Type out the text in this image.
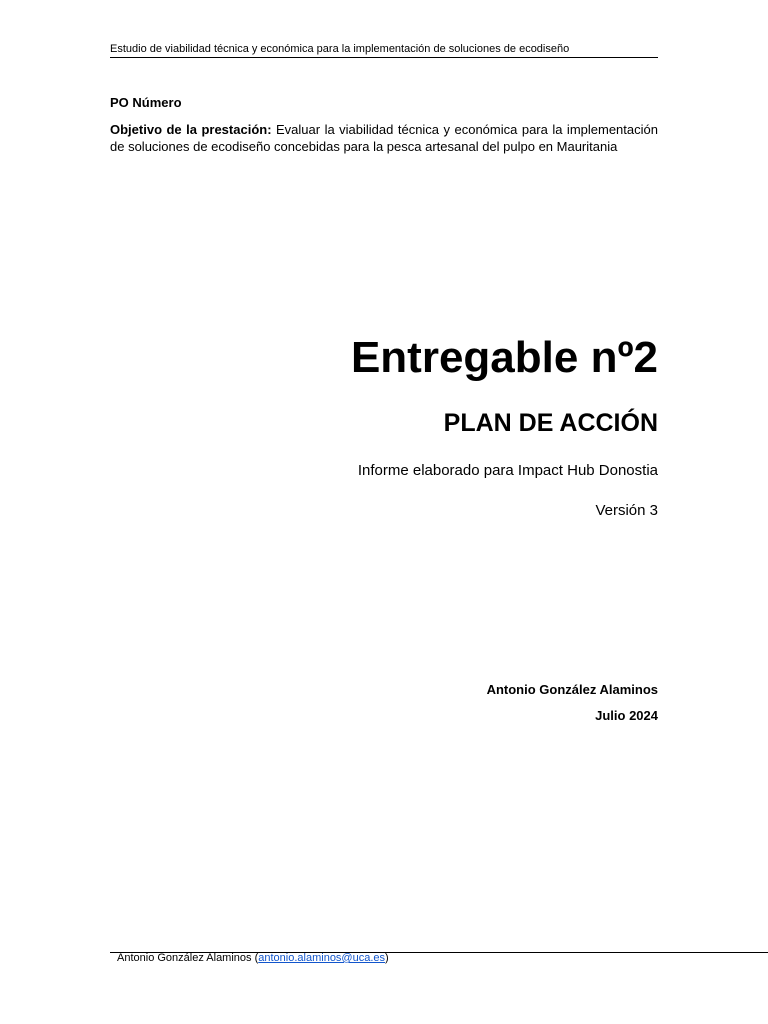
Estudio de viabilidad técnica y económica para la implementación de soluciones de ecodiseño
PO Número
Objetivo de la prestación: Evaluar la viabilidad técnica y económica para la implementación de soluciones de ecodiseño concebidas para la pesca artesanal del pulpo en Mauritania
Entregable nº2
PLAN DE ACCIÓN
Informe elaborado para Impact Hub Donostia
Versión 3
Antonio González Alaminos
Julio 2024
Antonio González Alaminos (antonio.alaminos@uca.es)
